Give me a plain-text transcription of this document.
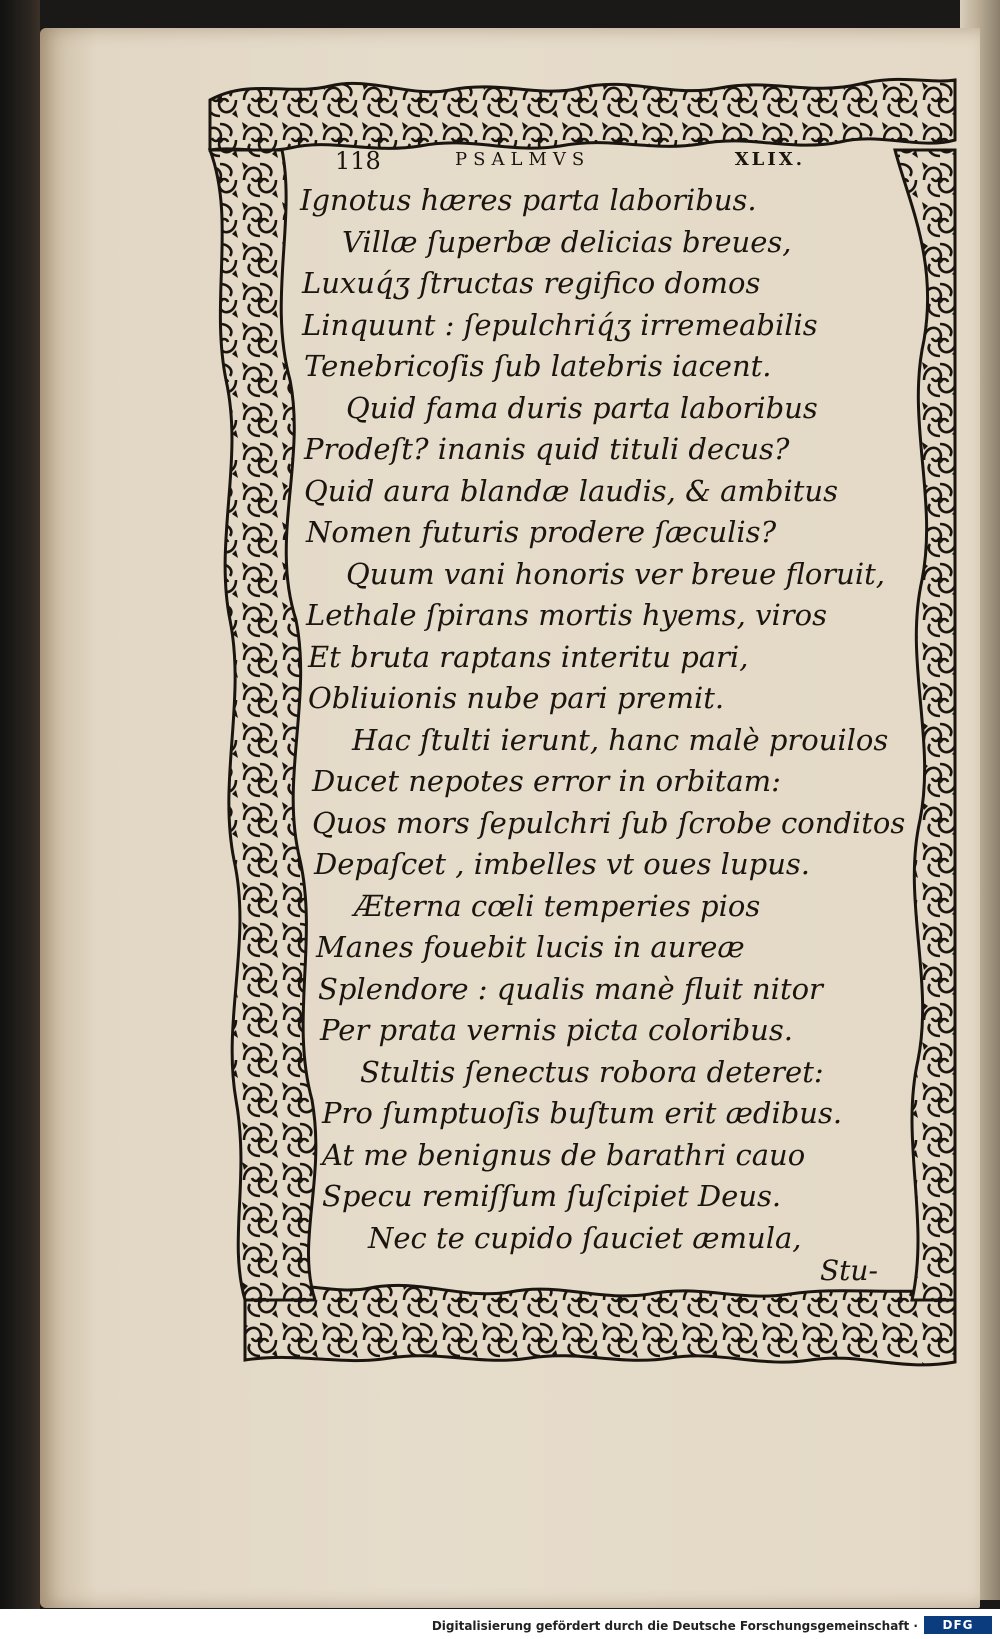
118	PSALMVS	XLIX.
Ignotus hæres parta laboribus.
Villæ ſuperbæ delicias breues,
Luxuq́ʒ ſtructas regifico domos
Linquunt : ſepulchriq́ʒ irremeabilis
Tenebricoſis ſub latebris iacent.
Quid fama duris parta laboribus
Prodeſt? inanis quid tituli decus?
Quid aura blandæ laudis, & ambitus
Nomen futuris prodere ſæculis?
Quum vani honoris ver breue floruit,
Lethale ſpirans mortis hyems, viros
Et bruta raptans interitu pari,
Obliuionis nube pari premit.
Hac ſtulti ierunt, hanc malè prouilos
Ducet nepotes error in orbitam:
Quos mors ſepulchri ſub ſcrobe conditos
Depaſcet , imbelles vt oues lupus.
Æterna cœli temperies pios
Manes fouebit lucis in aureæ
Splendore : qualis manè fluit nitor
Per prata vernis picta coloribus.
Stultis ſenectus robora deteret:
Pro ſumptuoſis buſtum erit ædibus.
At me benignus de barathri cauo
Specu remiſſum ſuſcipiet Deus.
Nec te cupido ſauciet æmula,
Stu-
Digitalisierung gefördert durch die Deutsche Forschungsgemeinschaft ·	DFG
